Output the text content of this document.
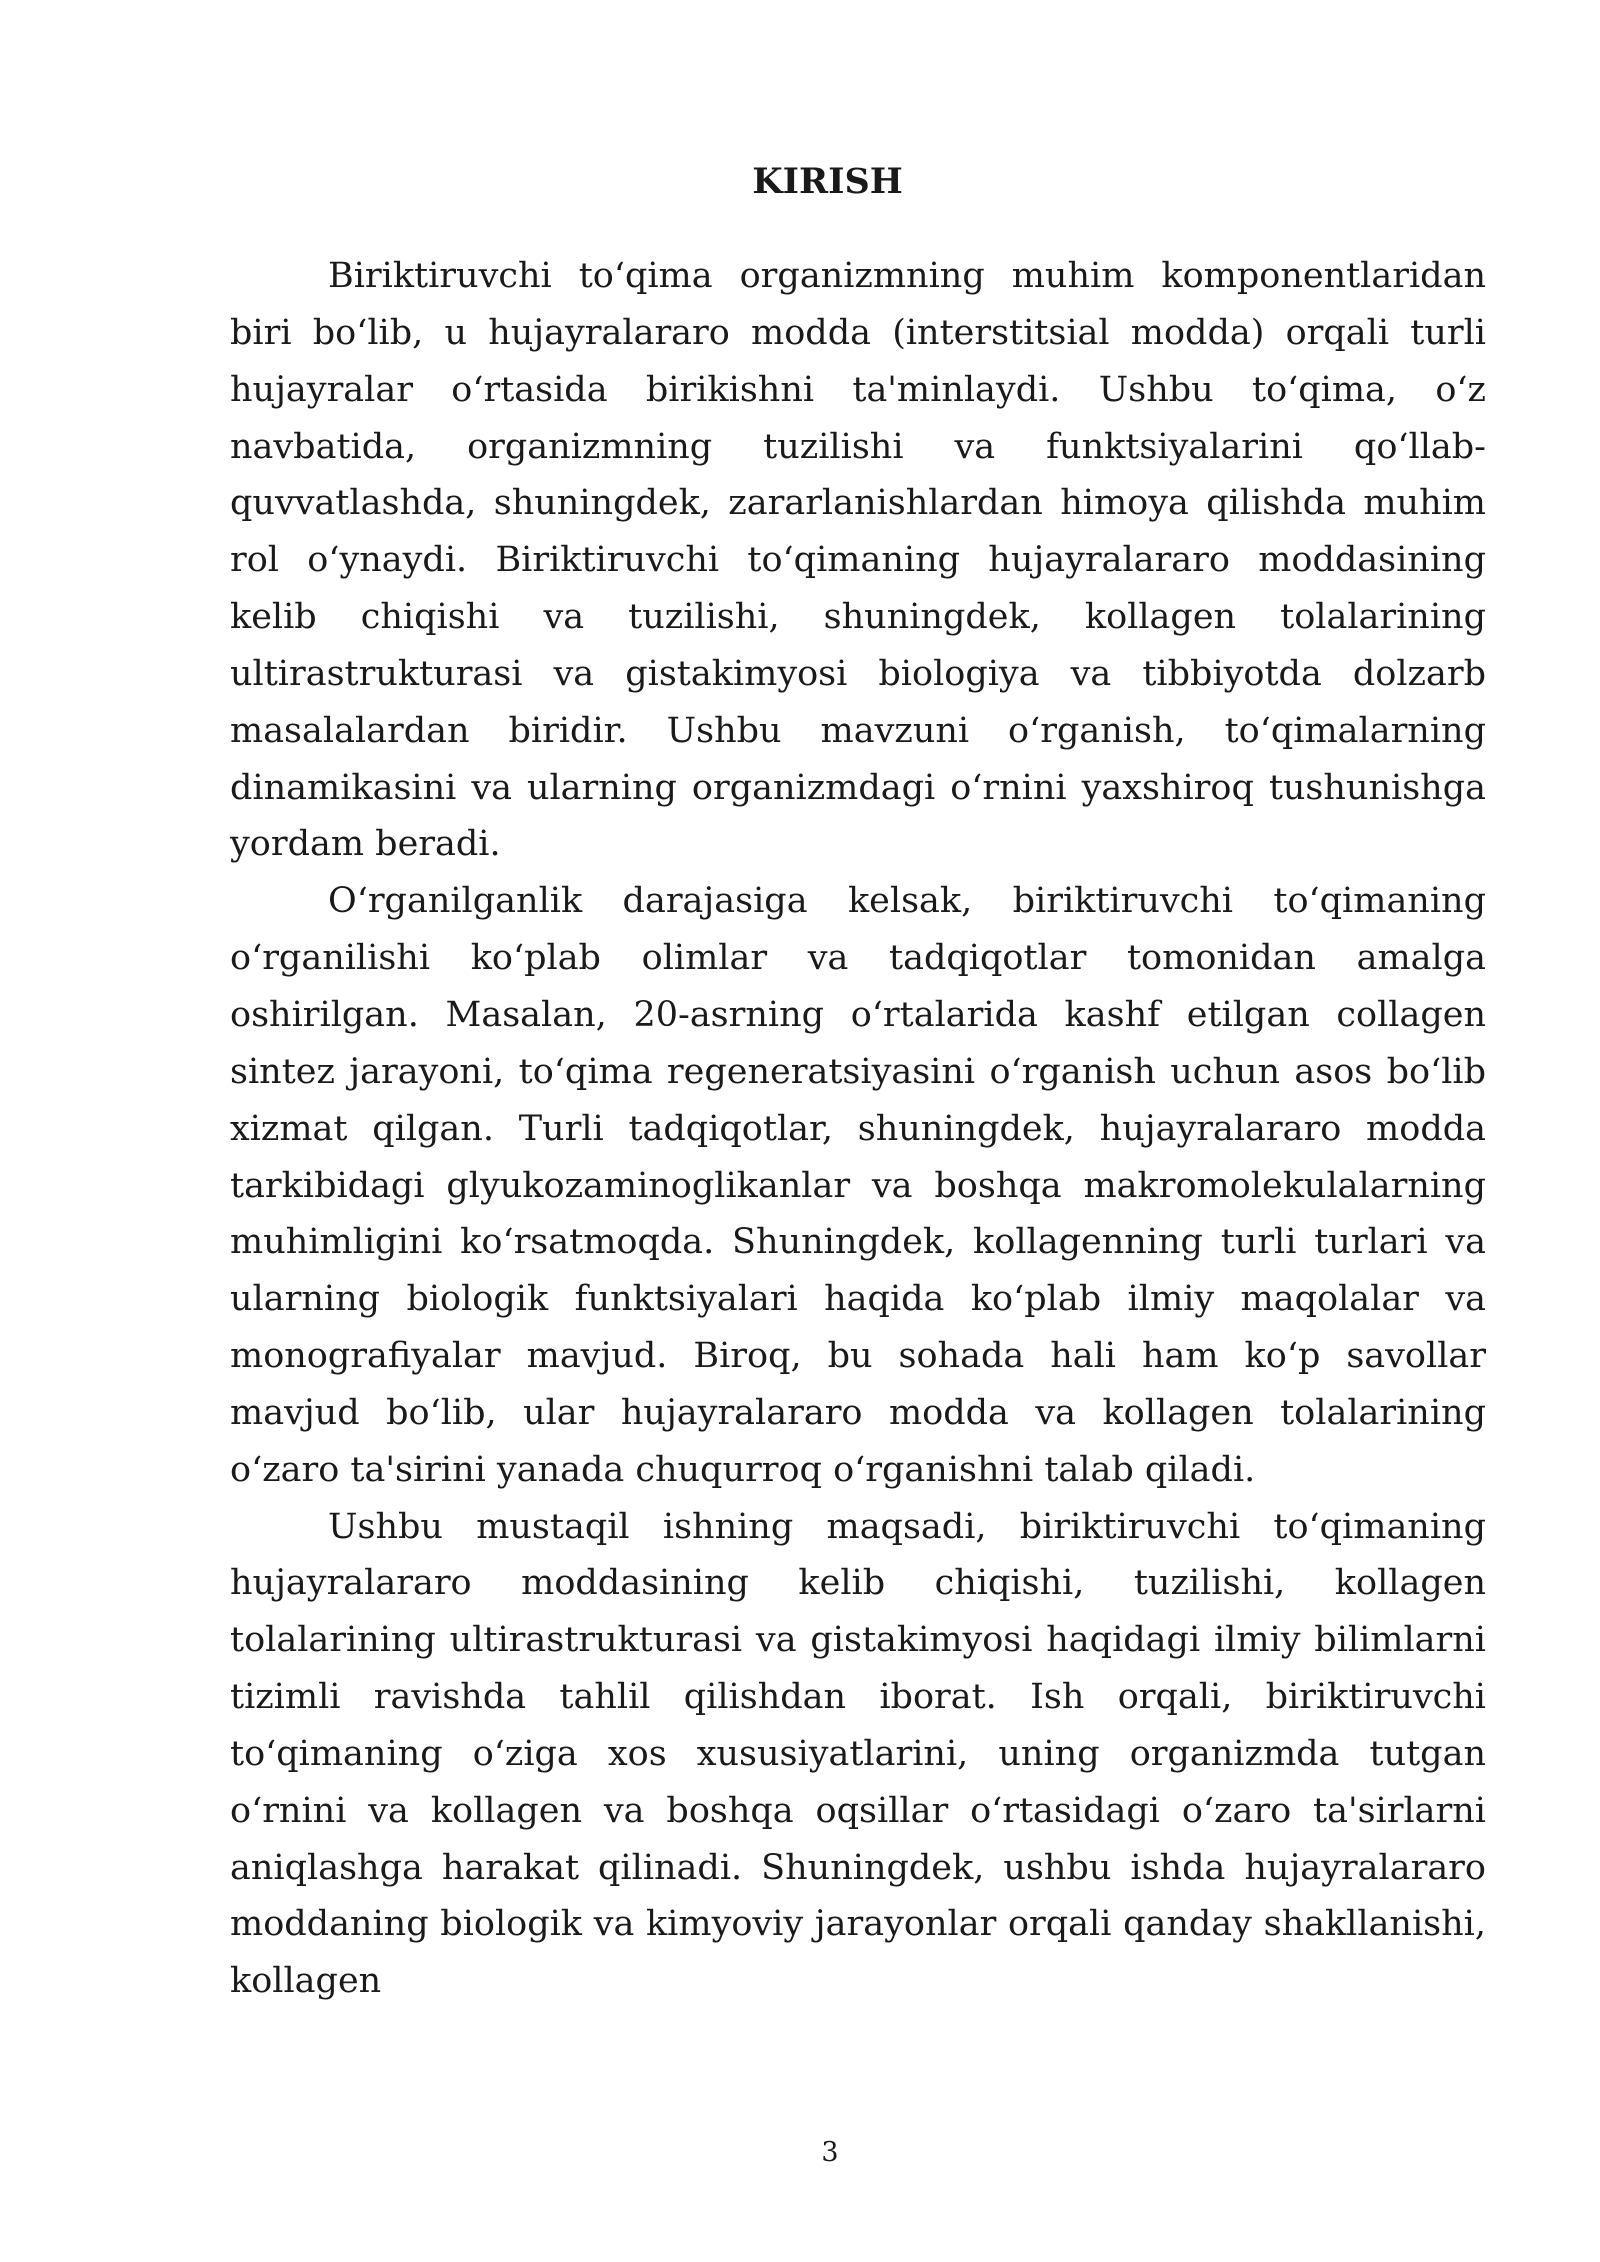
KIRISH

Biriktiruvchi toʻqima organizmning muhim komponentlaridan biri boʻlib, u hujayralararo modda (interstitsial modda) orqali turli hujayralar oʻrtasida birikishni ta'minlaydi. Ushbu toʻqima, oʻz navbatida, organizmning tuzilishi va funktsiyalarini qoʻllab-quvvatlashda, shuningdek, zararlanishlardan himoya qilishda muhim rol oʻynaydi. Biriktiruvchi toʻqimaning hujayralararo moddasining kelib chiqishi va tuzilishi, shuningdek, kollagen tolalarining ultirastrukturasi va gistakimyosi biologiya va tibbiyotda dolzarb masalalardan biridir. Ushbu mavzuni oʻrganish, toʻqimalarning dinamikasini va ularning organizmdagi oʻrnini yaxshiroq tushunishga yordam beradi.

Oʻrganilganlik darajasiga kelsak, biriktiruvchi toʻqimaning oʻrganilishi koʻplab olimlar va tadqiqotlar tomonidan amalga oshirilgan. Masalan, 20-asrning oʻrtalarida kashf etilgan collagen sintez jarayoni, toʻqima regeneratsiyasini oʻrganish uchun asos boʻlib xizmat qilgan. Turli tadqiqotlar, shuningdek, hujayralararo modda tarkibidagi glyukozaminoglikanlar va boshqa makromolekulalarning muhimligini koʻrsatmoqda. Shuningdek, kollagenning turli turlari va ularning biologik funktsiyalari haqida koʻplab ilmiy maqolalar va monografiyalar mavjud. Biroq, bu sohada hali ham koʻp savollar mavjud boʻlib, ular hujayralararo modda va kollagen tolalarining oʻzaro ta'sirini yanada chuqurroq oʻrganishni talab qiladi.

Ushbu mustaqil ishning maqsadi, biriktiruvchi toʻqimaning hujayralararo moddasining kelib chiqishi, tuzilishi, kollagen tolalarining ultirastrukturasi va gistakimyosi haqidagi ilmiy bilimlarni tizimli ravishda tahlil qilishdan iborat. Ish orqali, biriktiruvchi toʻqimaning oʻziga xos xususiyatlarini, uning organizmda tutgan oʻrnini va kollagen va boshqa oqsillar oʻrtasidagi oʻzaro ta'sirlarni aniqlashga harakat qilinadi. Shuningdek, ushbu ishda hujayralararo moddaning biologik va kimyoviy jarayonlar orqali qanday shakllanishi, kollagen

3
